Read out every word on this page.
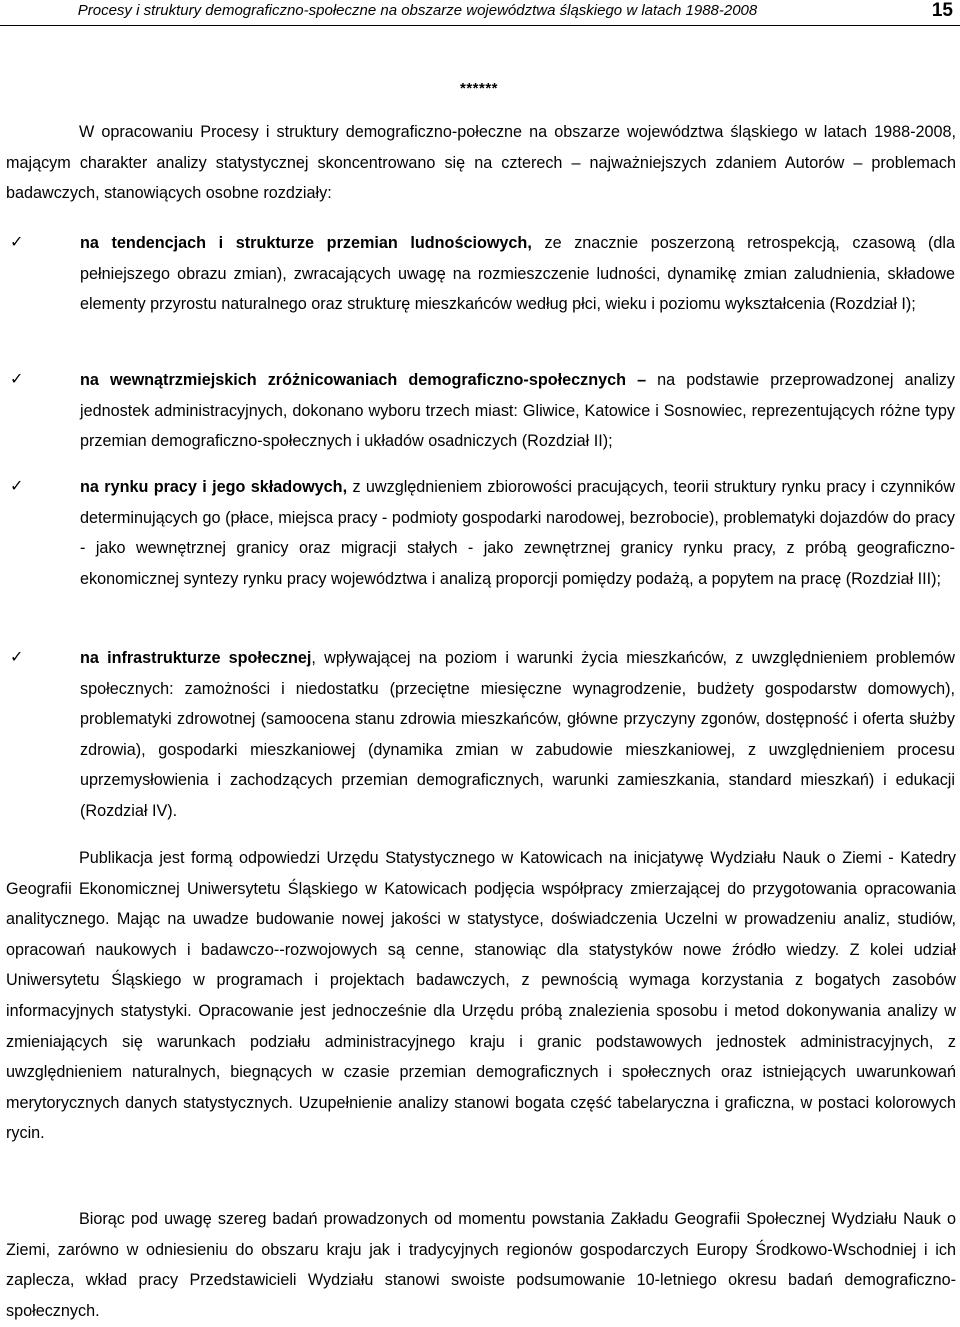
Procesy i struktury demograficzno-społeczne na obszarze województwa śląskiego w latach 1988-2008	15
******

W opracowaniu Procesy i struktury demograficzno-połeczne na obszarze województwa śląskiego w latach 1988-2008, mającym charakter analizy statystycznej skoncentrowano się na czterech – najważniejszych zdaniem Autorów – problemach badawczych, stanowiących osobne rozdziały:

✓	na tendencjach i strukturze przemian ludnościowych, ze znacznie poszerzoną retrospekcją, czasową (dla pełniejszego obrazu zmian), zwracających uwagę na rozmieszczenie ludności, dynamikę zmian zaludnienia, składowe elementy przyrostu naturalnego oraz strukturę mieszkańców według płci, wieku i poziomu wykształcenia (Rozdział I);

✓	na wewnątrzmiejskich zróżnicowaniach demograficzno-społecznych – na podstawie przeprowadzonej analizy jednostek administracyjnych, dokonano wyboru trzech miast: Gliwice, Katowice i Sosnowiec, reprezentujących różne typy przemian demograficzno-społecznych i układów osadniczych (Rozdział II);

✓	na rynku pracy i jego składowych, z uwzględnieniem zbiorowości pracujących, teorii struktury rynku pracy i czynników determinujących go (płace, miejsca pracy - podmioty gospodarki narodowej, bezrobocie), problematyki dojazdów do pracy - jako wewnętrznej granicy oraz migracji stałych - jako zewnętrznej granicy rynku pracy, z próbą geograficzno-ekonomicznej syntezy rynku pracy województwa i analizą proporcji pomiędzy podażą, a popytem na pracę (Rozdział III);

✓	na infrastrukturze społecznej, wpływającej na poziom i warunki życia mieszkańców, z uwzględnieniem problemów społecznych: zamożności i niedostatku (przeciętne miesięczne wynagrodzenie, budżety gospodarstw domowych), problematyki zdrowotnej (samoocena stanu zdrowia mieszkańców, główne przyczyny zgonów, dostępność i oferta służby zdrowia), gospodarki mieszkaniowej (dynamika zmian w zabudowie mieszkaniowej, z uwzględnieniem procesu uprzemysłowienia i zachodzących przemian demograficznych, warunki zamieszkania, standard mieszkań) i edukacji (Rozdział IV).

Publikacja jest formą odpowiedzi Urzędu Statystycznego w Katowicach na inicjatywę Wydziału Nauk o Ziemi - Katedry Geografii Ekonomicznej Uniwersytetu Śląskiego w Katowicach podjęcia współpracy zmierzającej do przygotowania opracowania analitycznego. Mając na uwadze budowanie nowej jakości w statystyce, doświadczenia Uczelni w prowadzeniu analiz, studiów, opracowań naukowych i badawczo--rozwojowych są cenne, stanowiąc dla statystyków nowe źródło wiedzy. Z kolei udział Uniwersytetu Śląskiego w programach i projektach badawczych, z pewnością wymaga korzystania z bogatych zasobów informacyjnych statystyki. Opracowanie jest jednocześnie dla Urzędu próbą znalezienia sposobu i metod dokonywania analizy w zmieniających się warunkach podziału administracyjnego kraju i granic podstawowych jednostek administracyjnych, z uwzględnieniem naturalnych, biegnących w czasie przemian demograficznych i społecznych oraz istniejących uwarunkowań merytorycznych danych statystycznych. Uzupełnienie analizy stanowi bogata część tabelaryczna i graficzna, w postaci kolorowych rycin.

Biorąc pod uwagę szereg badań prowadzonych od momentu powstania Zakładu Geografii Społecznej Wydziału Nauk o Ziemi, zarówno w odniesieniu do obszaru kraju jak i tradycyjnych regionów gospodarczych Europy Środkowo-Wschodniej i ich zaplecza, wkład pracy Przedstawicieli Wydziału stanowi swoiste podsumowanie 10-letniego okresu badań demograficzno-społecznych.
